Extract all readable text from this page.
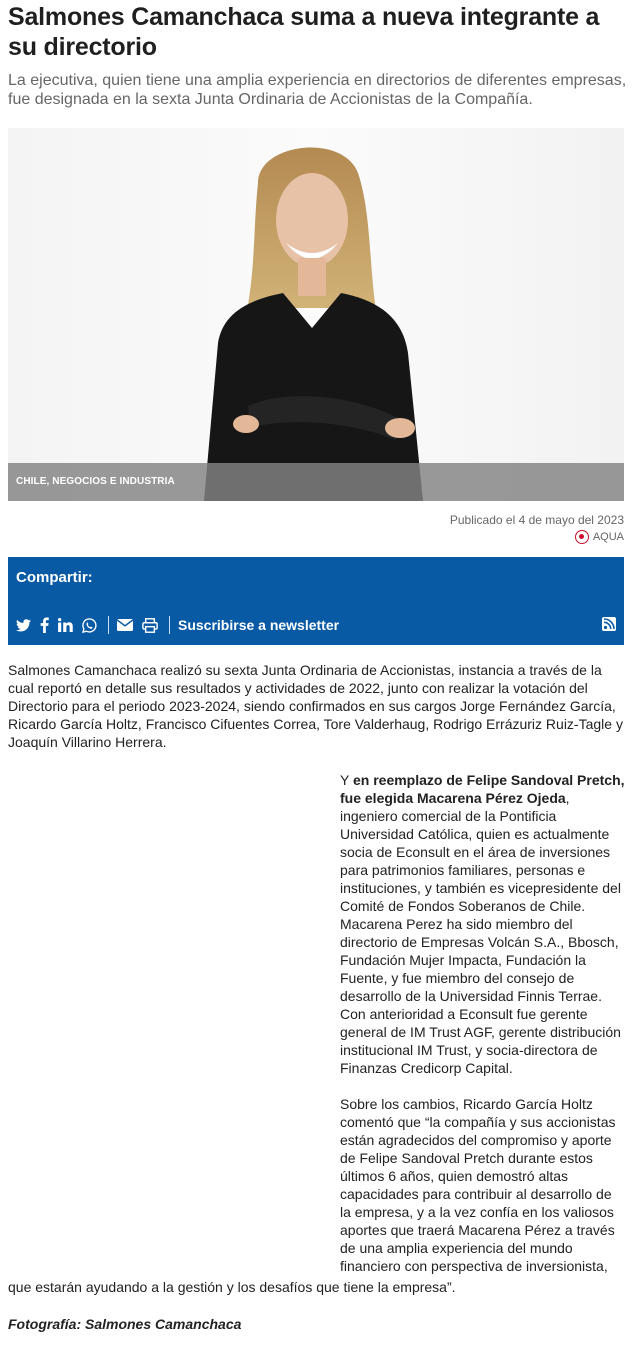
Salmones Camanchaca suma a nueva integrante a su directorio

La ejecutiva, quien tiene una amplia experiencia en directorios de diferentes empresas, fue designada en la sexta Junta Ordinaria de Accionistas de la Compañía.

CHILE, NEGOCIOS E INDUSTRIA
Publicado el 4 de mayo del 2023
AQUA
Compartir:
Suscribirse a newsletter

Salmones Camanchaca realizó su sexta Junta Ordinaria de Accionistas, instancia a través de la cual reportó en detalle sus resultados y actividades de 2022, junto con realizar la votación del Directorio para el periodo 2023-2024, siendo confirmados en sus cargos Jorge Fernández García, Ricardo García Holtz, Francisco Cifuentes Correa, Tore Valderhaug, Rodrigo Errázuriz Ruiz-Tagle y Joaquín Villarino Herrera.

Y en reemplazo de Felipe Sandoval Pretch, fue elegida Macarena Pérez Ojeda, ingeniero comercial de la Pontificia Universidad Católica, quien es actualmente socia de Econsult en el área de inversiones para patrimonios familiares, personas e instituciones, y también es vicepresidente del Comité de Fondos Soberanos de Chile. Macarena Perez ha sido miembro del directorio de Empresas Volcán S.A., Bbosch, Fundación Mujer Impacta, Fundación la Fuente, y fue miembro del consejo de desarrollo de la Universidad Finnis Terrae. Con anterioridad a Econsult fue gerente general de IM Trust AGF, gerente distribución institucional IM Trust, y socia-directora de Finanzas Credicorp Capital.

Sobre los cambios, Ricardo García Holtz comentó que “la compañía y sus accionistas están agradecidos del compromiso y aporte de Felipe Sandoval Pretch durante estos últimos 6 años, quien demostró altas capacidades para contribuir al desarrollo de la empresa, y a la vez confía en los valiosos aportes que traerá Macarena Pérez a través de una amplia experiencia del mundo financiero con perspectiva de inversionista,

que estarán ayudando a la gestión y los desafíos que tiene la empresa”.

Fotografía: Salmones Camanchaca
